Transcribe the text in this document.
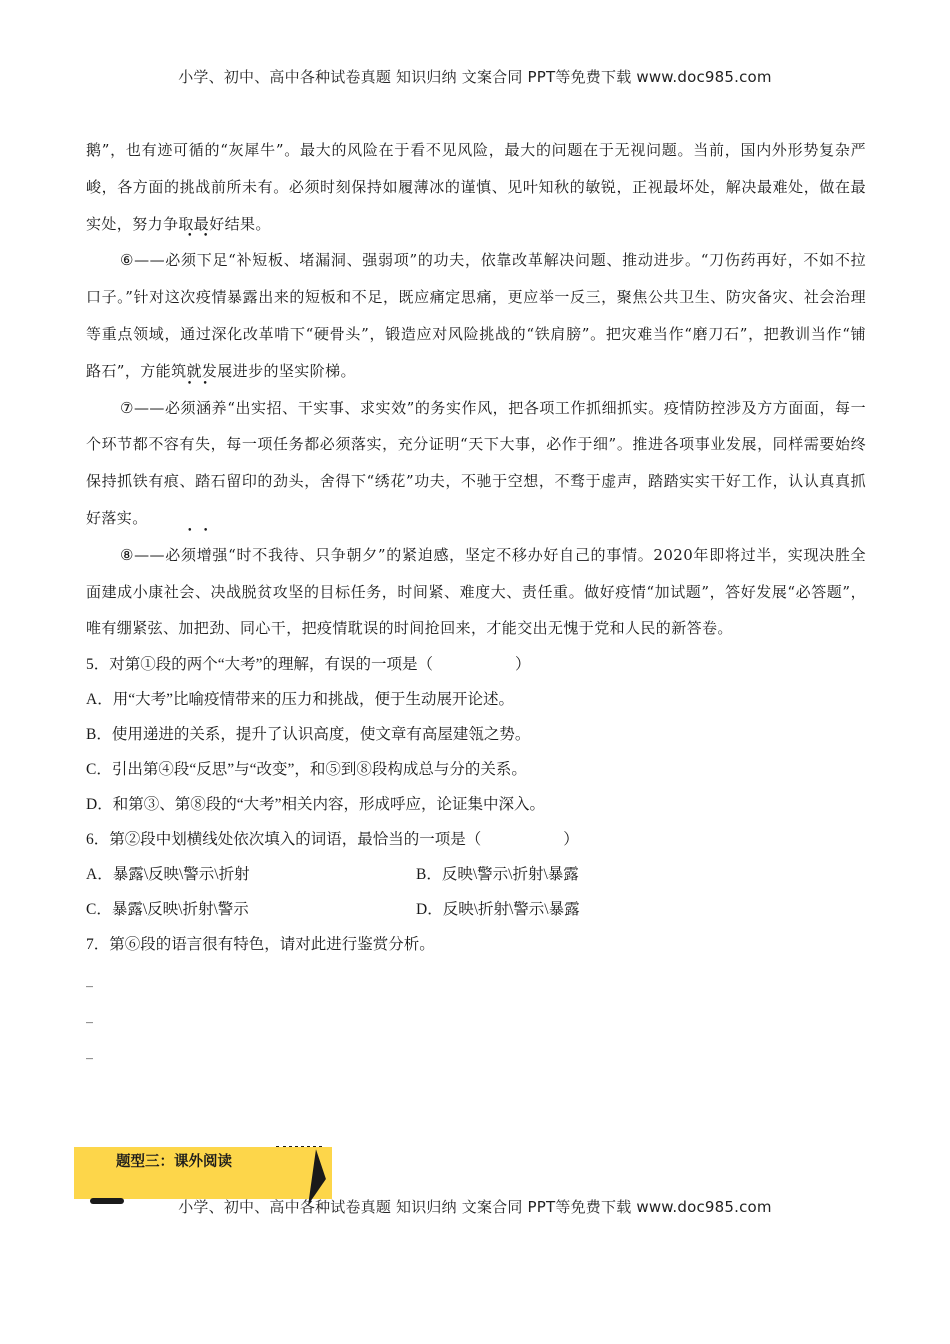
小学、初中、高中各种试卷真题 知识归纳 文案合同 PPT等免费下载 www.doc985.com

鹅”，也有迹可循的“灰犀牛”。最大的风险在于看不见风险，最大的问题在于无视问题。当前，国内外形势复杂严峻，各方面的挑战前所未有。必须时刻保持如履薄冰的谨慎、见叶知秋的敏锐，正视最坏处，解决最难处，做在最实处，努力争取最好结果。

⑥——必须下足“补短板、堵漏洞、强弱项”的功夫，依靠改革解决问题、推动进步。“刀伤药再好，不如不拉口子。”针对这次疫情暴露出来的短板和不足，既应痛定思痛，更应举一反三，聚焦公共卫生、防灾备灾、社会治理等重点领域，通过深化改革啃下“硬骨头”，锻造应对风险挑战的“铁肩膀”。把灾难当作“磨刀石”，把教训当作“铺路石”，方能筑就发展进步的坚实阶梯。

⑦——必须涵养“出实招、干实事、求实效”的务实作风，把各项工作抓细抓实。疫情防控涉及方方面面，每一个环节都不容有失，每一项任务都必须落实，充分证明“天下大事，必作于细”。推进各项事业发展，同样需要始终保持抓铁有痕、踏石留印的劲头，舍得下“绣花”功夫，不驰于空想，不骛于虚声，踏踏实实干好工作，认认真真抓好落实。

⑧——必须增强“时不我待、只争朝夕”的紧迫感，坚定不移办好自己的事情。2020年即将过半，实现决胜全面建成小康社会、决战脱贫攻坚的目标任务，时间紧、难度大、责任重。做好疫情“加试题”，答好发展“必答题”，唯有绷紧弦、加把劲、同心干，把疫情耽误的时间抢回来，才能交出无愧于党和人民的新答卷。

5．对第①段的两个“大考”的理解，有误的一项是（	）

A．用“大考”比喻疫情带来的压力和挑战，便于生动展开论述。

B．使用递进的关系，提升了认识高度，使文章有高屋建瓴之势。

C．引出第④段“反思”与“改变”，和⑤到⑧段构成总与分的关系。

D．和第③、第⑧段的“大考”相关内容，形成呼应，论证集中深入。

6．第②段中划横线处依次填入的词语，最恰当的一项是（	）

A．暴露\反映\警示\折射	B．反映\警示\折射\暴露
C．暴露\反映\折射\警示	D．反映\折射\警示\暴露

7．第⑥段的语言很有特色，请对此进行鉴赏分析。

_

_

_

题型三：课外阅读
小学、初中、高中各种试卷真题 知识归纳 文案合同 PPT等免费下载 www.doc985.com
